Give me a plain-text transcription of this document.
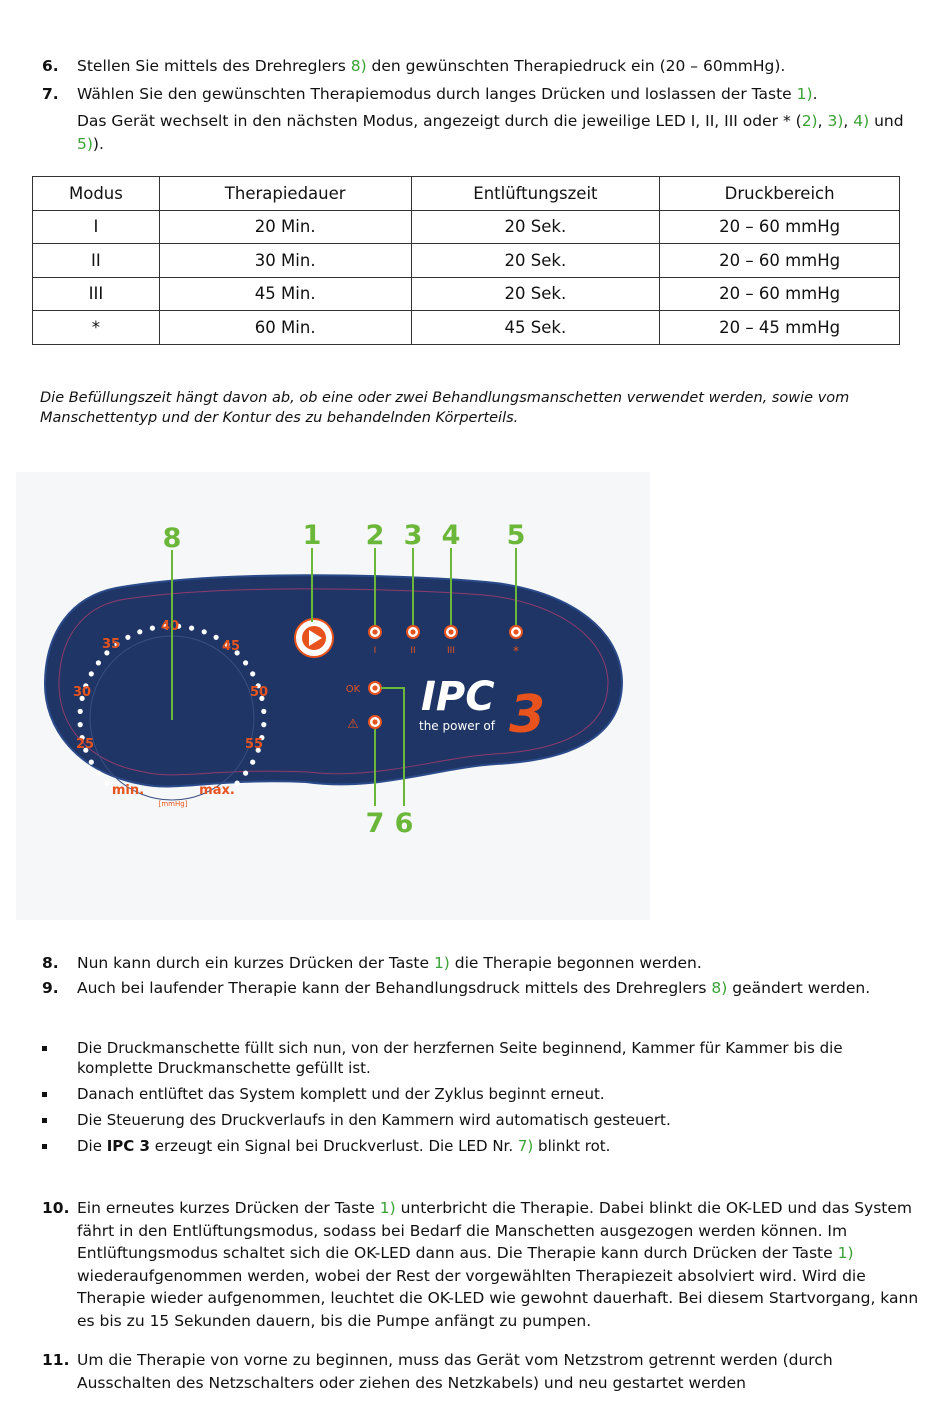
6.	Stellen Sie mittels des Drehreglers 8) den gewünschten Therapiedruck ein (20 – 60mmHg).
7.	Wählen Sie den gewünschten Therapiemodus durch langes Drücken und loslassen der Taste 1).
Das Gerät wechselt in den nächsten Modus, angezeigt durch die jeweilige LED I, II, III oder * (2), 3), 4) und 5)).
Modus	Therapiedauer	Entlüftungszeit	Druckbereich
I	20 Min.	20 Sek.	20 – 60 mmHg
II	30 Min.	20 Sek.	20 – 60 mmHg
III	45 Min.	20 Sek.	20 – 60 mmHg
*	60 Min.	45 Sek.	20 – 45 mmHg
Die Befüllungszeit hängt davon ab, ob eine oder zwei Behandlungsmanschetten verwendet werden, sowie vom Manschettentyp und der Kontur des zu behandelnden Körperteils.
40
35	45
30	50
25	55
min.	max.
[mmHg]
I	II	III	*
OK
⚠
IPC
the power of 3
8	1 2 3 4 5
7 6
8.	Nun kann durch ein kurzes Drücken der Taste 1) die Therapie begonnen werden.
9.	Auch bei laufender Therapie kann der Behandlungsdruck mittels des Drehreglers 8) geändert werden.
Die Druckmanschette füllt sich nun, von der herzfernen Seite beginnend, Kammer für Kammer bis die komplette Druckmanschette gefüllt ist.
Danach entlüftet das System komplett und der Zyklus beginnt erneut.
Die Steuerung des Druckverlaufs in den Kammern wird automatisch gesteuert.
Die IPC 3 erzeugt ein Signal bei Druckverlust. Die LED Nr. 7) blinkt rot.
10. Ein erneutes kurzes Drücken der Taste 1) unterbricht die Therapie. Dabei blinkt die OK-LED und das System fährt in den Entlüftungsmodus, sodass bei Bedarf die Manschetten ausgezogen werden können. Im Entlüftungsmodus schaltet sich die OK-LED dann aus. Die Therapie kann durch Drücken der Taste 1) wiederaufgenommen werden, wobei der Rest der vorgewählten Therapiezeit absolviert wird. Wird die Therapie wieder aufgenommen, leuchtet die OK-LED wie gewohnt dauerhaft. Bei diesem Startvorgang, kann es bis zu 15 Sekunden dauern, bis die Pumpe anfängt zu pumpen.
11. Um die Therapie von vorne zu beginnen, muss das Gerät vom Netzstrom getrennt werden (durch Ausschalten des Netzschalters oder ziehen des Netzkabels) und neu gestartet werden
